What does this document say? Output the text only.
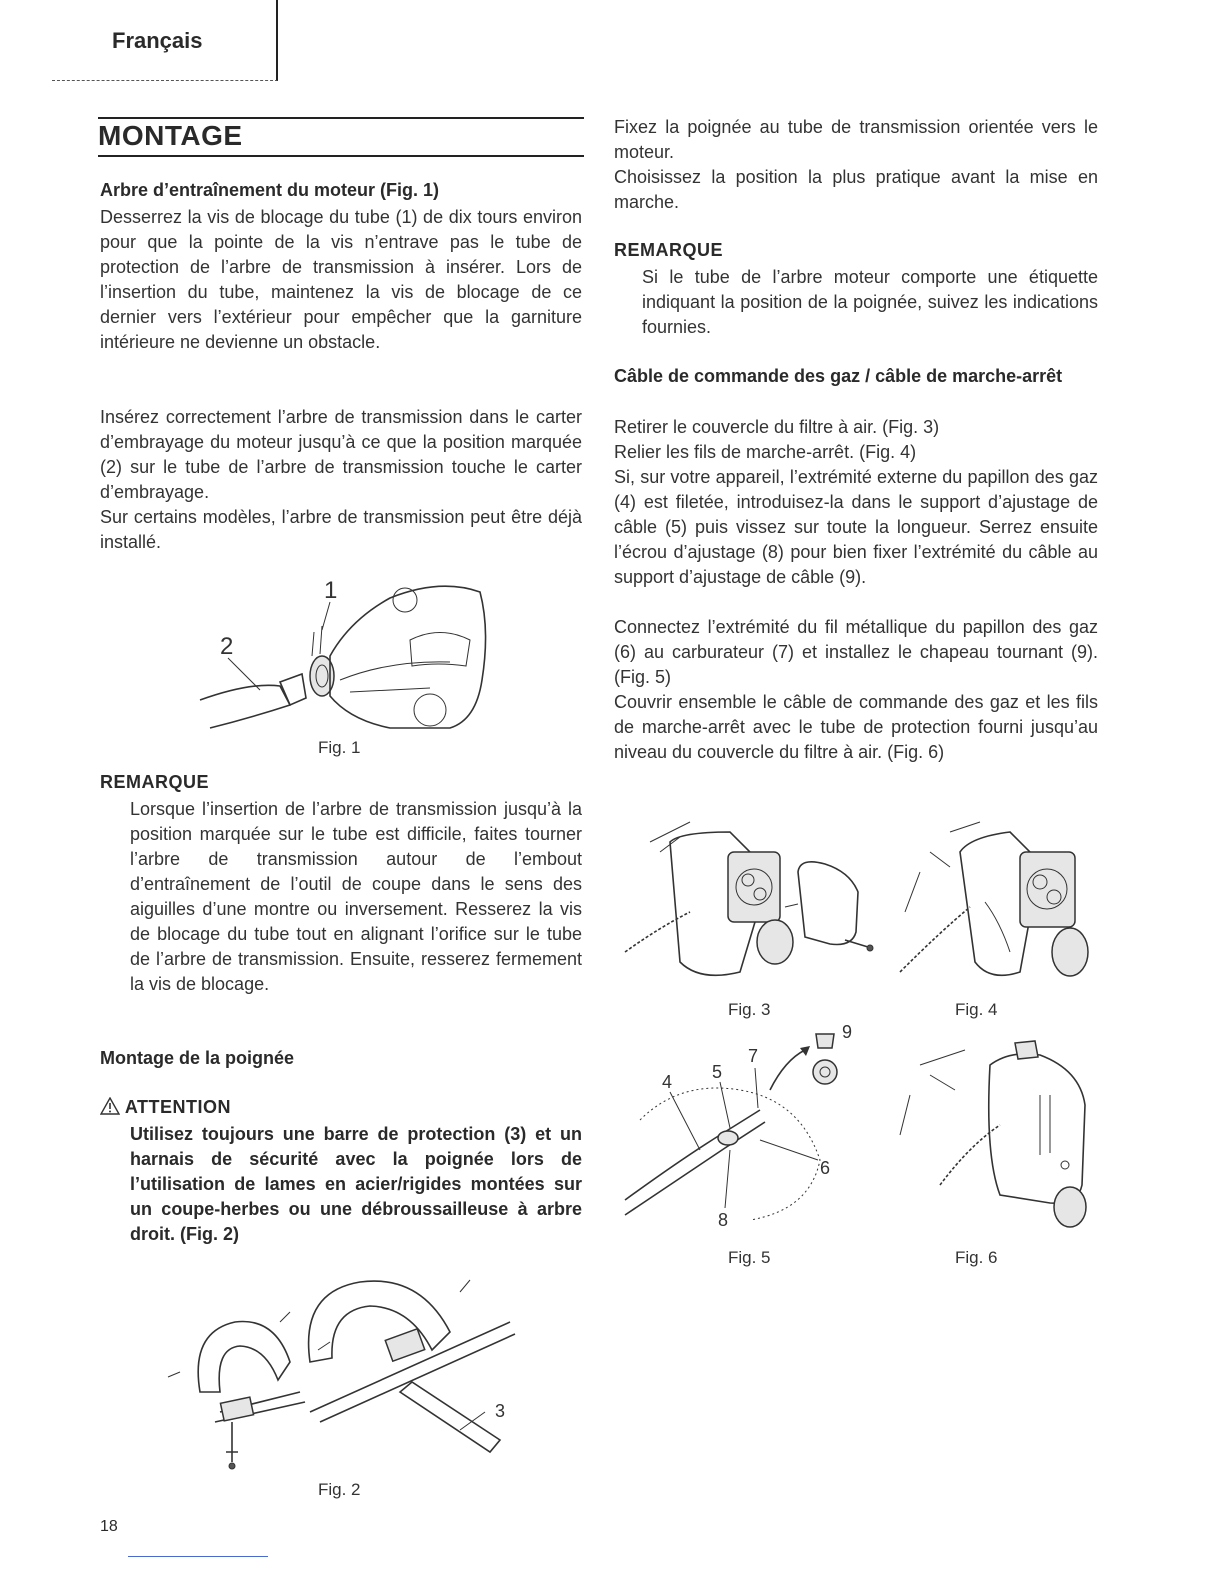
Français
MONTAGE
Arbre d’entraînement du moteur (Fig. 1)
Desserrez la vis de blocage du tube (1) de dix tours environ pour que la pointe de la vis n’entrave pas le tube de protection de l’arbre de transmission à insérer. Lors de l’insertion du tube, maintenez la vis de blocage de ce dernier vers l’extérieur pour empêcher que la garniture intérieure ne devienne un obstacle.
Insérez correctement l’arbre de transmission dans le carter d’embrayage du moteur jusqu’à ce que la position marquée (2) sur le tube de l’arbre de transmission touche le carter d’embrayage.
Sur certains modèles, l’arbre de transmission peut être déjà installé.
1
2
Fig. 1
REMARQUE
Lorsque l’insertion de l’arbre de transmission jusqu’à la position marquée sur le tube est difficile, faites tourner l’arbre de transmission autour de l’embout d’entraînement de l’outil de coupe dans le sens des aiguilles d’une montre ou inversement. Resserez la vis de blocage du tube tout en alignant l’orifice sur le tube de l’arbre de transmission. Ensuite, resserez fermement la vis de blocage.
Montage de la poignée
ATTENTION
Utilisez toujours une barre de protection (3) et un harnais de sécurité avec la poignée lors de l’utilisation de lames en acier/rigides montées sur un coupe-herbes ou une débroussailleuse à arbre droit. (Fig. 2)
3
Fig. 2
Fixez la poignée au tube de transmission orientée vers le moteur.
Choisissez la position la plus pratique avant la mise en marche.
REMARQUE
Si le tube de l’arbre moteur comporte une étiquette indiquant la position de la poignée, suivez les indications fournies.
Câble de commande des gaz / câble de marche-arrêt
Retirer le couvercle du filtre à air. (Fig. 3)
Relier les fils de marche-arrêt. (Fig. 4)
Si, sur votre appareil, l’extrémité externe du papillon des gaz (4) est filetée, introduisez-la dans le support d’ajustage de câble (5) puis vissez sur toute la longueur. Serrez ensuite l’écrou d’ajustage (8) pour bien fixer l’extrémité du câble au support d’ajustage de câble (9).
Connectez l’extrémité du fil métallique du papillon des gaz (6) au carburateur (7) et installez le chapeau tournant (9). (Fig. 5)
Couvrir ensemble le câble de commande des gaz et les fils de marche-arrêt avec le tube de protection fourni jusqu’au niveau du couvercle du filtre à air. (Fig. 6)
Fig. 3	Fig. 4
4 5
7
9
6
8
Fig. 5	Fig. 6
18
